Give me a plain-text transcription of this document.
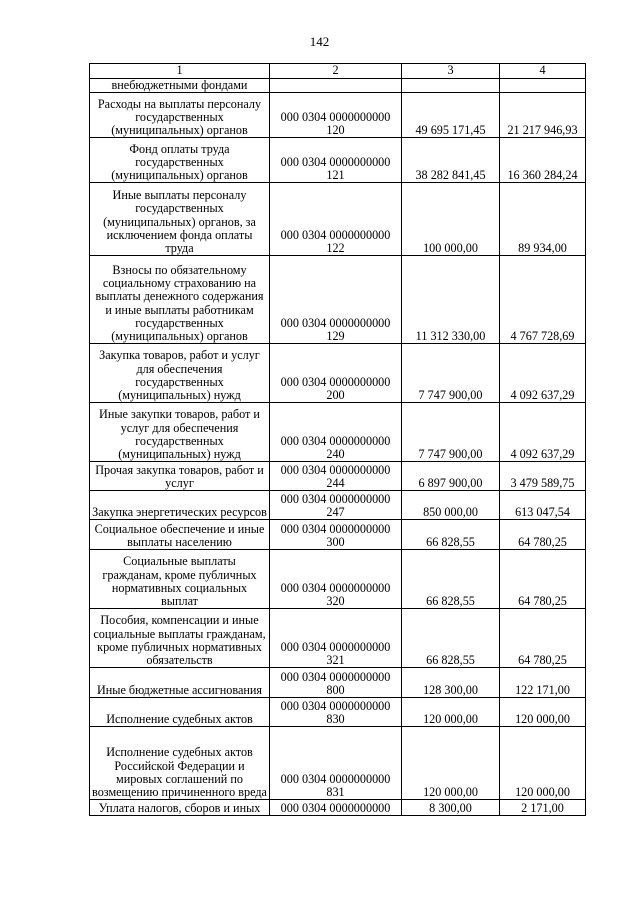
142
1	2	3	4
внебюджетными фондами			
Расходы на выплаты персоналу государственных (муниципальных) органов	000 0304 0000000000 120	49 695 171,45	21 217 946,93
Фонд оплаты труда государственных (муниципальных) органов	000 0304 0000000000 121	38 282 841,45	16 360 284,24
Иные выплаты персоналу государственных (муниципальных) органов, за исключением фонда оплаты труда	000 0304 0000000000 122	100 000,00	89 934,00
Взносы по обязательному социальному страхованию на выплаты денежного содержания и иные выплаты работникам государственных (муниципальных) органов	000 0304 0000000000 129	11 312 330,00	4 767 728,69
Закупка товаров, работ и услуг для обеспечения государственных (муниципальных) нужд	000 0304 0000000000 200	7 747 900,00	4 092 637,29
Иные закупки товаров, работ и услуг для обеспечения государственных (муниципальных) нужд	000 0304 0000000000 240	7 747 900,00	4 092 637,29
Прочая закупка товаров, работ и услуг	000 0304 0000000000 244	6 897 900,00	3 479 589,75
Закупка энергетических ресурсов	000 0304 0000000000 247	850 000,00	613 047,54
Социальное обеспечение и иные выплаты населению	000 0304 0000000000 300	66 828,55	64 780,25
Социальные выплаты гражданам, кроме публичных нормативных социальных выплат	000 0304 0000000000 320	66 828,55	64 780,25
Пособия, компенсации и иные социальные выплаты гражданам, кроме публичных нормативных обязательств	000 0304 0000000000 321	66 828,55	64 780,25
Иные бюджетные ассигнования	000 0304 0000000000 800	128 300,00	122 171,00
Исполнение судебных актов	000 0304 0000000000 830	120 000,00	120 000,00
Исполнение судебных актов Российской Федерации и мировых соглашений по возмещению причиненного вреда	000 0304 0000000000 831	120 000,00	120 000,00
Уплата налогов, сборов и иных	000 0304 0000000000	8 300,00	2 171,00
